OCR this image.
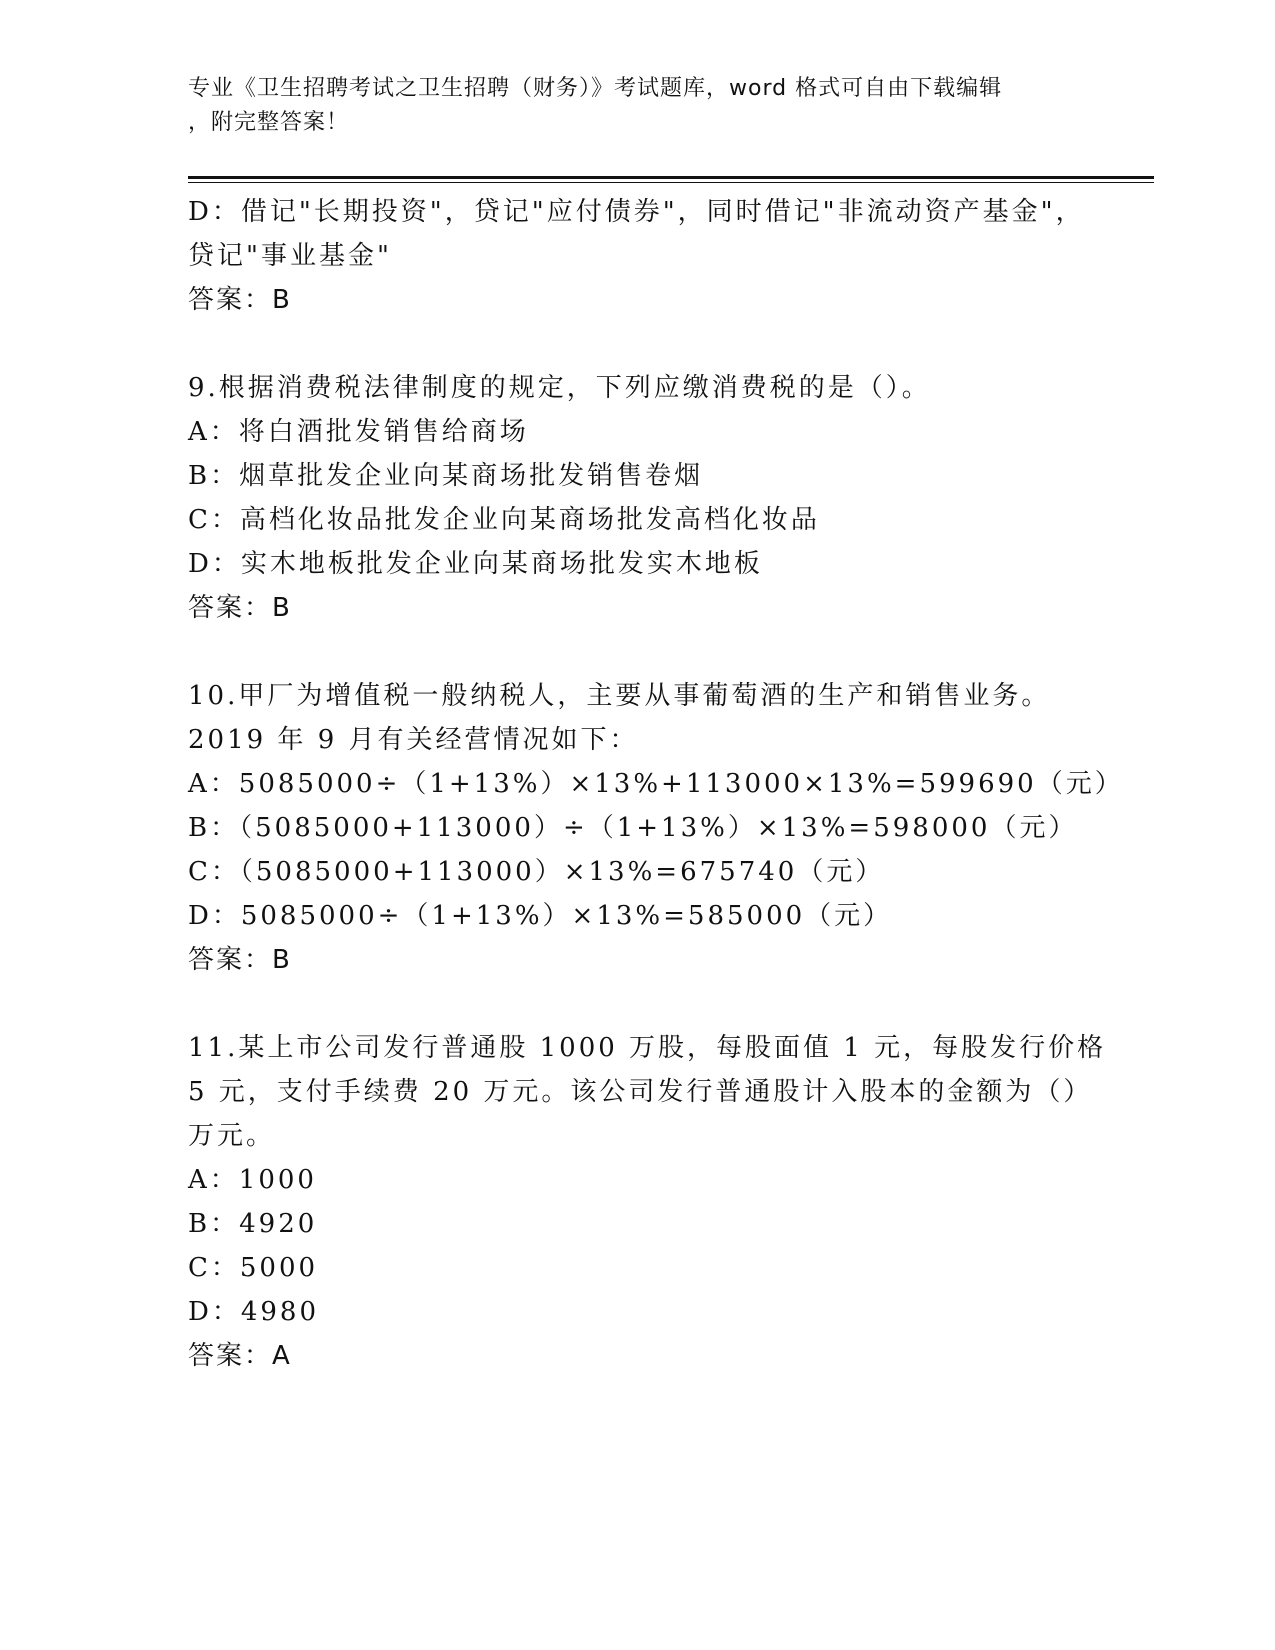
专业《卫生招聘考试之卫生招聘（财务）》考试题库，word 格式可自由下载编辑
，附完整答案！
D：借记"长期投资"，贷记"应付债券"，同时借记"非流动资产基金"，
贷记"事业基金"
答案：B
9.根据消费税法律制度的规定，下列应缴消费税的是（）。
A：将白酒批发销售给商场
B：烟草批发企业向某商场批发销售卷烟
C：高档化妆品批发企业向某商场批发高档化妆品
D：实木地板批发企业向某商场批发实木地板
答案：B
10.甲厂为增值税一般纳税人，主要从事葡萄酒的生产和销售业务。
2019 年 9 月有关经营情况如下：
A：5085000÷（1+13%）×13%+113000×13%=599690（元）
B：（5085000+113000）÷（1+13%）×13%=598000（元）
C：（5085000+113000）×13%=675740（元）
D：5085000÷（1+13%）×13%=585000（元）
答案：B
11.某上市公司发行普通股 1000 万股，每股面值 1 元，每股发行价格
5 元，支付手续费 20 万元。该公司发行普通股计入股本的金额为（）
万元。
A：1000
B：4920
C：5000
D：4980
答案：A
